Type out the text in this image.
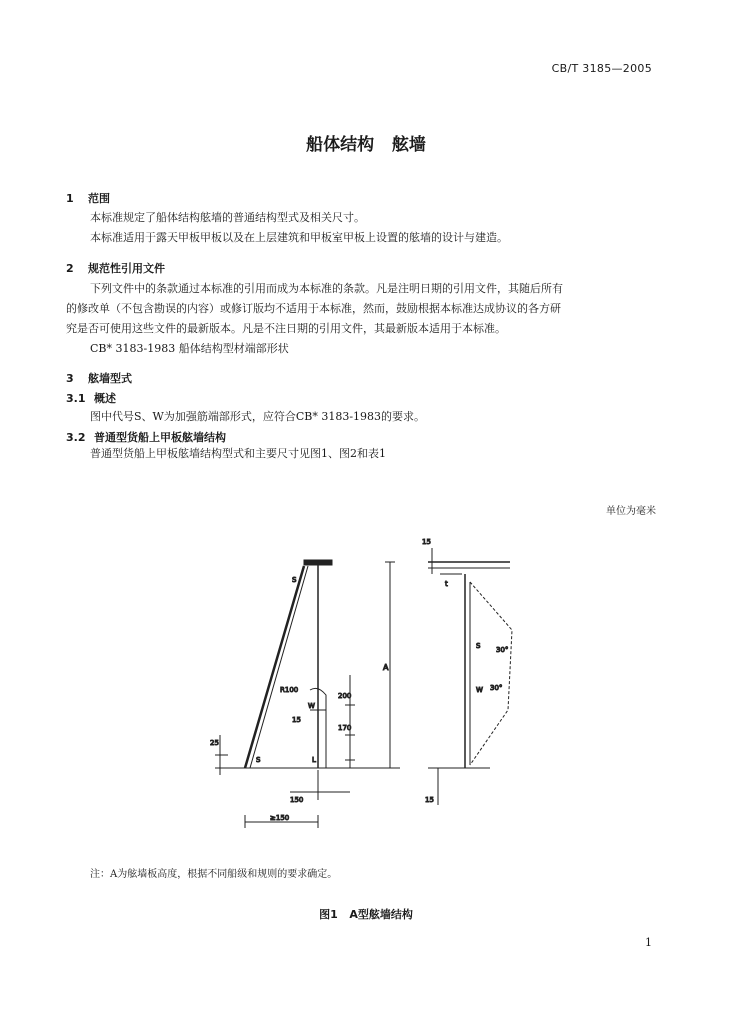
CB/T 3185—2005
船体结构   舷墙
1 范围
本标准规定了船体结构舷墙的普通结构型式及相关尺寸。
本标准适用于露天甲板甲板以及在上层建筑和甲板室甲板上设置的舷墙的设计与建造。
2 规范性引用文件
下列文件中的条款通过本标准的引用而成为本标准的条款。凡是注明日期的引用文件，其随后所有
的修改单（不包含勘误的内容）或修订版均不适用于本标准，然而，鼓励根据本标准达成协议的各方研
究是否可使用这些文件的最新版本。凡是不注日期的引用文件，其最新版本适用于本标准。
CB* 3183-1983 船体结构型材端部形状
3 舷墙型式
3.1 概述
图中代号S、W为加强筋端部形式，应符合CB* 3183-1983的要求。
3.2 普通型货船上甲板舷墙结构
普通型货船上甲板舷墙结构型式和主要尺寸见图1、图2和表1
单位为毫米
15
A
200
170
R100
15
25
150
≥150
30°
30°
S
W
S	L
t
S
W
15
注：A为舷墙板高度，根据不同船级和规则的要求确定。
图1   A型舷墙结构
1
